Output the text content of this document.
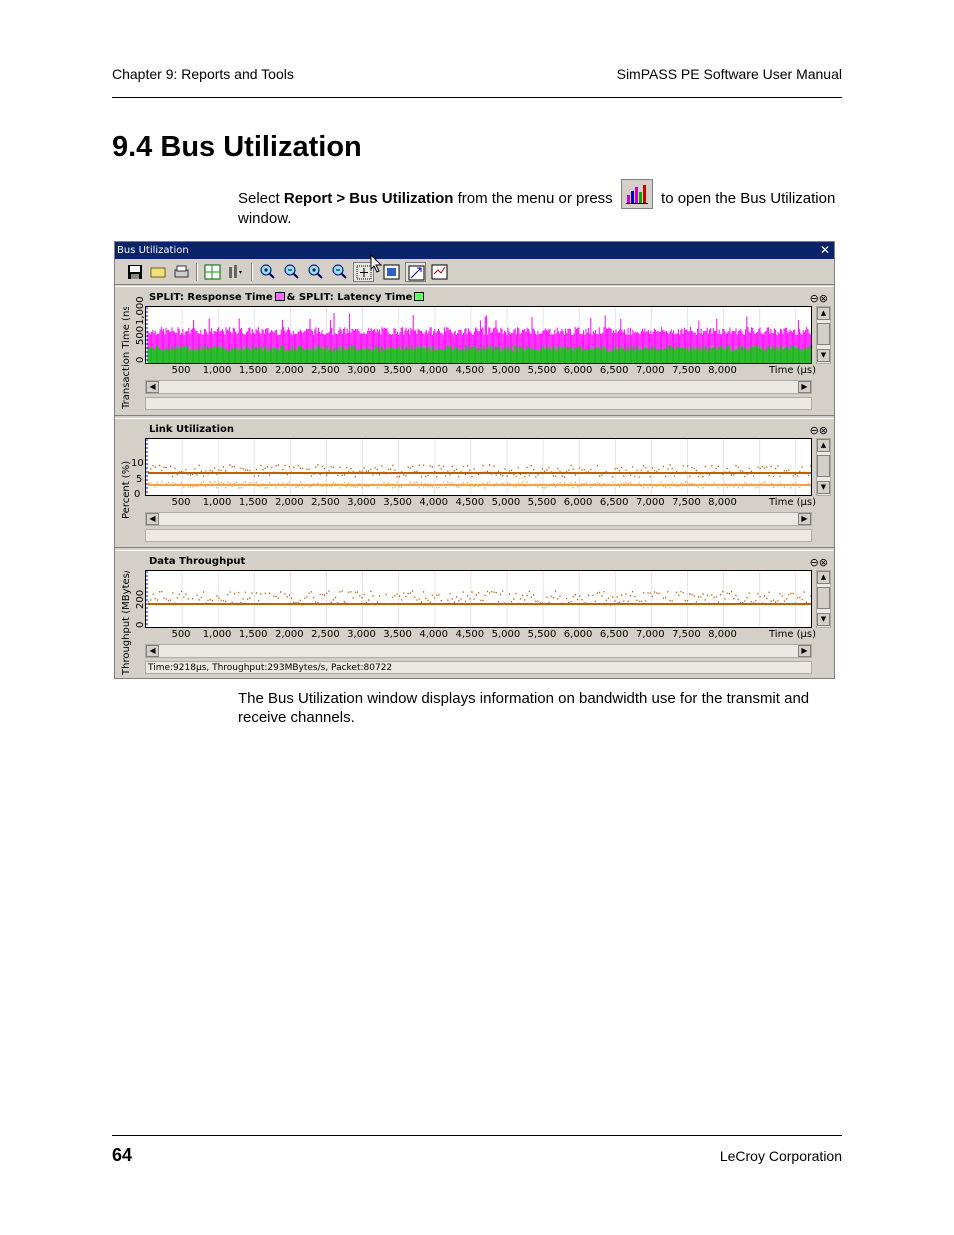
Chapter 9: Reports and Tools	SimPASS PE Software User Manual
9.4 Bus Utilization
Select Report > Bus Utilization from the menu or press	to open the Bus Utilization window.
Bus Utilization	✕
SPLIT: Response Time & SPLIT: Latency Time	⊖⊗
Transaction Time (ns) 0
500
1,000
500 1,000 1,500 2,000 2,500 3,000 3,500 4,000 4,500 5,000 5,500 6,000 6,500 7,000 7,500 8,000	Time (µs)
▲
▼
◀	▶
Link Utilization	⊖⊗
Percent (%) 0
5
10
500 1,000 1,500 2,000 2,500 3,000 3,500 4,000 4,500 5,000 5,500 6,000 6,500 7,000 7,500 8,000	Time (µs)
▲
▼
◀	▶
Data Throughput	⊖⊗
Throughput (MBytes/s) 0
200
500 1,000 1,500 2,000 2,500 3,000 3,500 4,000 4,500 5,000 5,500 6,000 6,500 7,000 7,500 8,000	Time (µs)
▲
▼
◀	▶
Time:9218µs, Throughput:293MBytes/s, Packet:80722
The Bus Utilization window displays information on bandwidth use for the transmit and receive channels.
64	LeCroy Corporation
